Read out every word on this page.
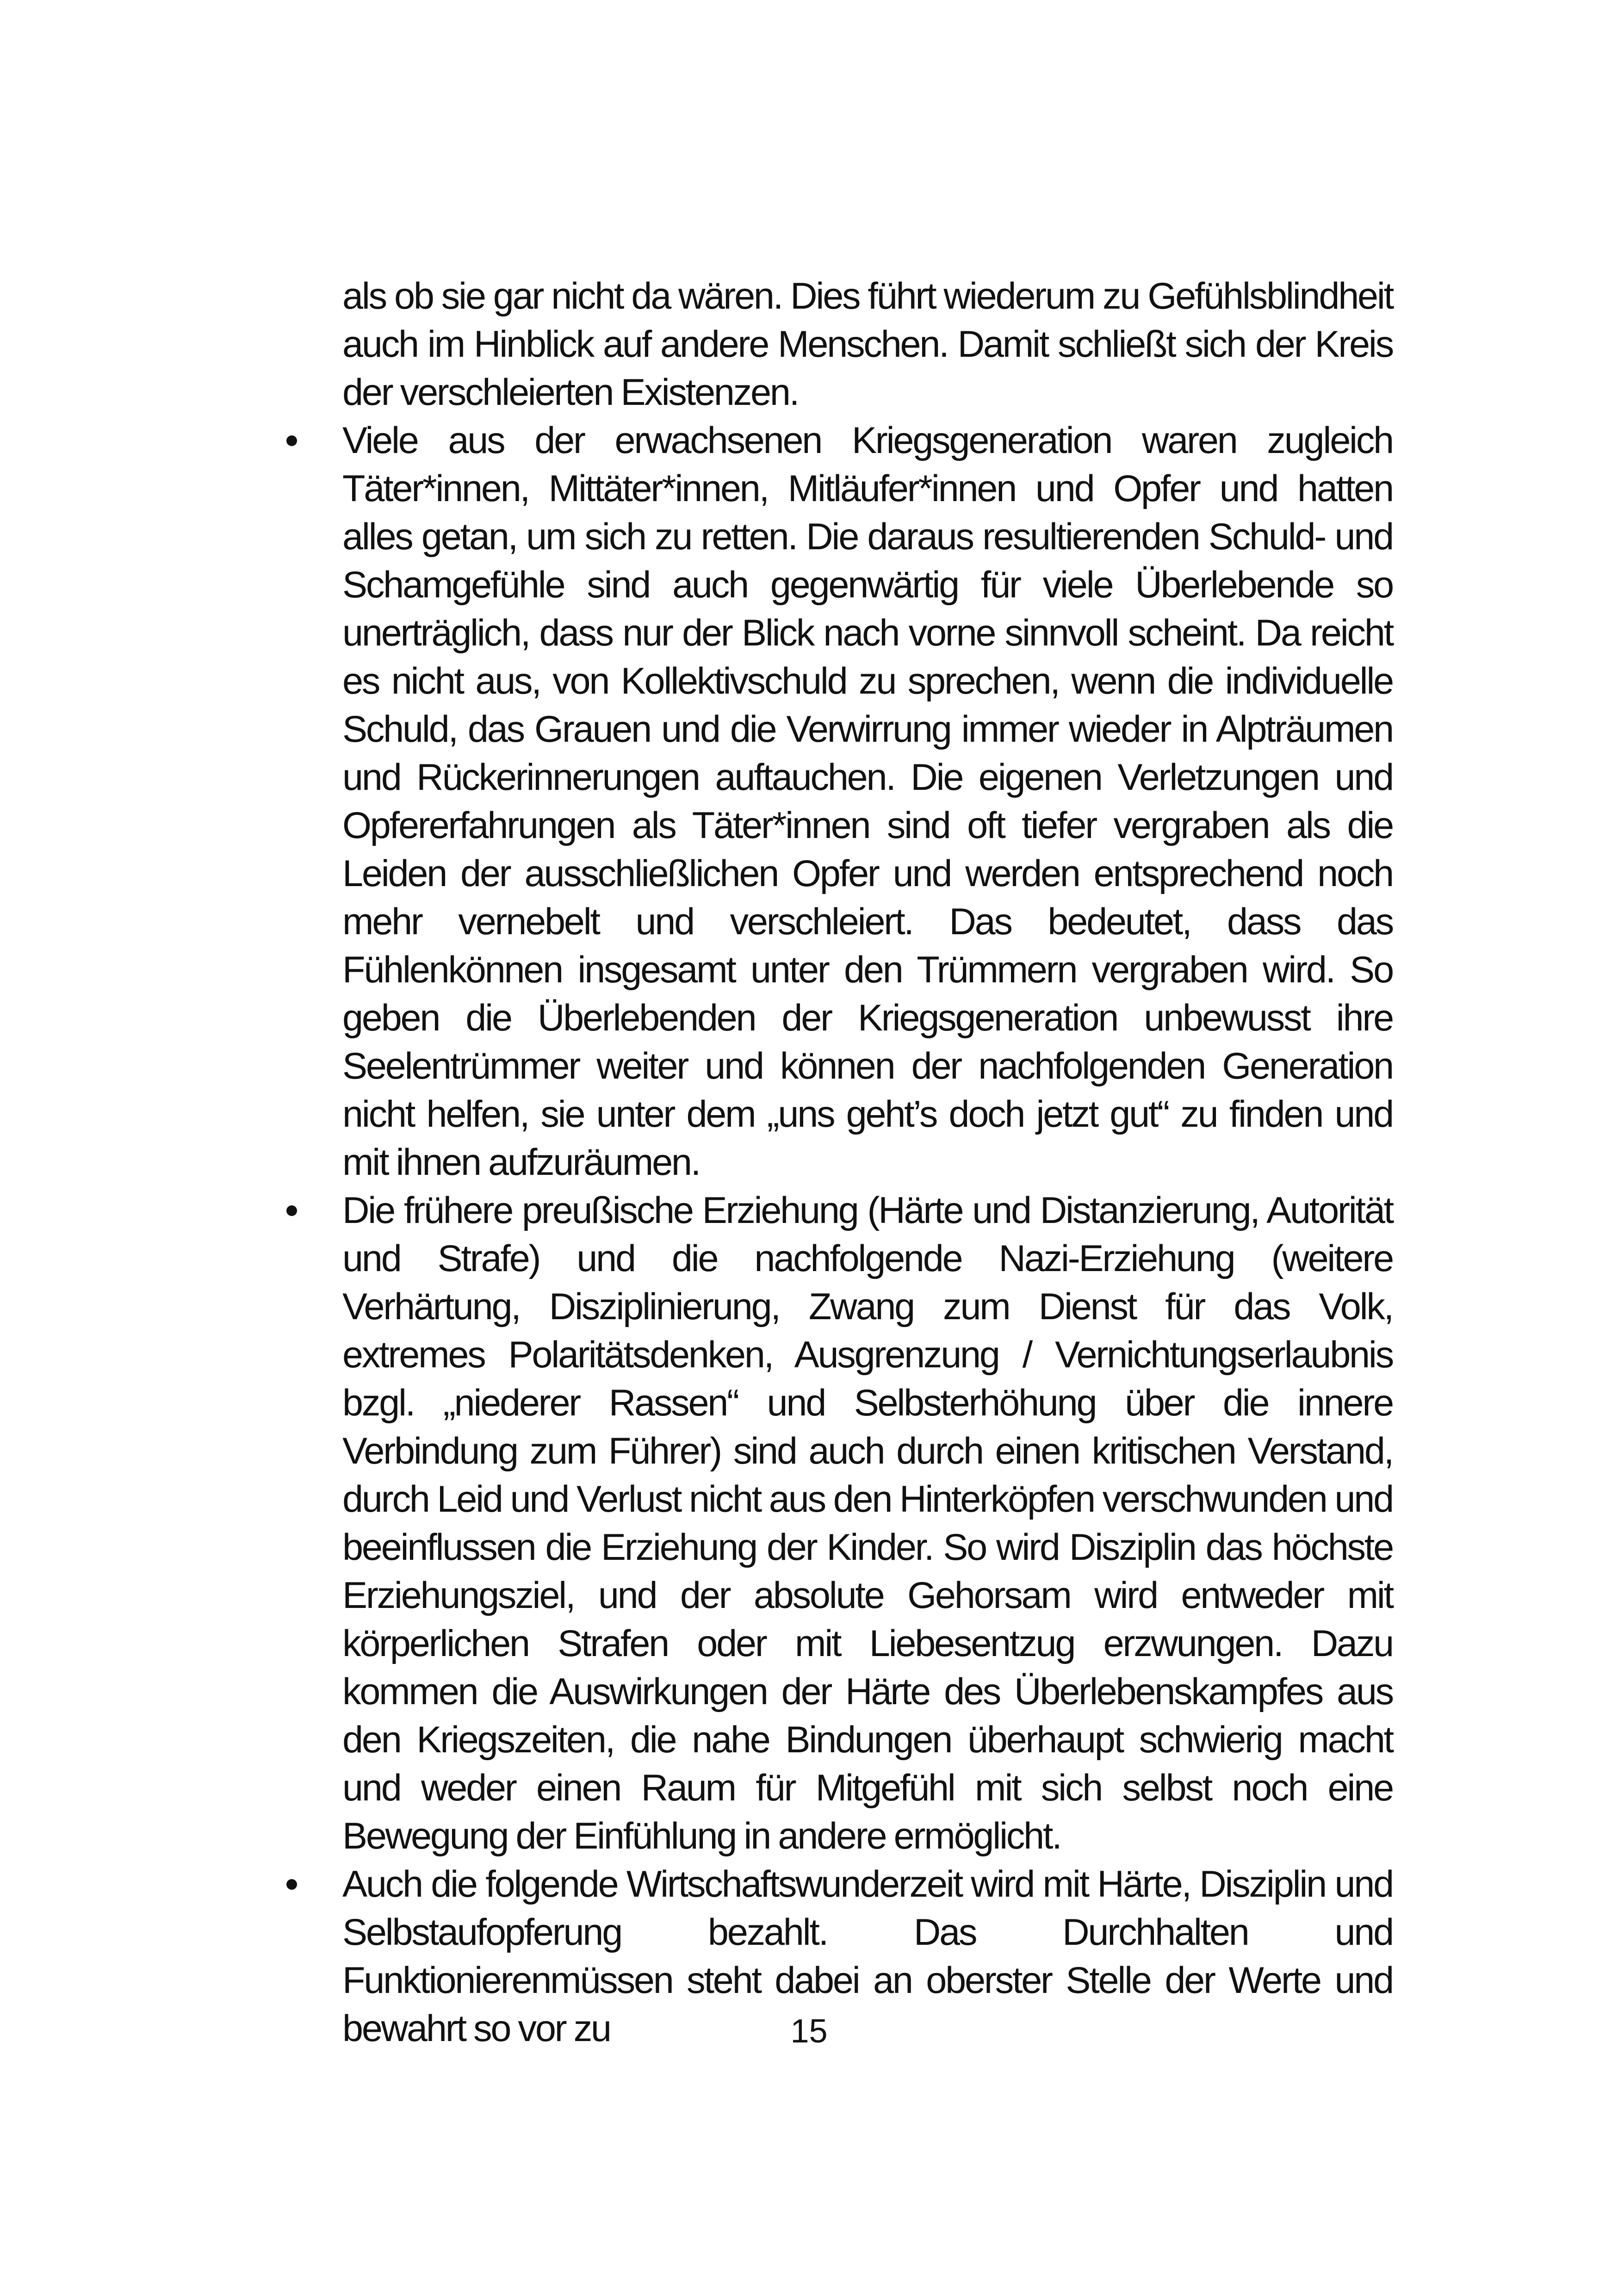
als ob sie gar nicht da wären. Dies führt wiederum zu Gefühlsblindheit auch im Hinblick auf andere Menschen. Damit schließt sich der Kreis der verschleierten Existenzen.

Viele aus der erwachsenen Kriegsgeneration waren zugleich Täter*innen, Mittäter*innen, Mitläufer*innen und Opfer und hatten alles getan, um sich zu retten. Die daraus resultierenden Schuld- und Schamgefühle sind auch gegenwärtig für viele Überlebende so unerträglich, dass nur der Blick nach vorne sinnvoll scheint. Da reicht es nicht aus, von Kollektivschuld zu sprechen, wenn die individuelle Schuld, das Grauen und die Verwirrung immer wieder in Alpträumen und Rückerinnerungen auftauchen. Die eigenen Verletzungen und Opfererfahrungen als Täter*innen sind oft tiefer vergraben als die Leiden der ausschließlichen Opfer und werden entsprechend noch mehr vernebelt und verschleiert. Das bedeutet, dass das Fühlenkönnen insgesamt unter den Trümmern vergraben wird. So geben die Überlebenden der Kriegsgeneration unbewusst ihre Seelentrümmer weiter und können der nachfolgenden Generation nicht helfen, sie unter dem „uns geht’s doch jetzt gut“ zu finden und mit ihnen aufzuräumen.
Die frühere preußische Erziehung (Härte und Distanzierung, Autorität und Strafe) und die nachfolgende Nazi-Erziehung (weitere Verhärtung, Disziplinierung, Zwang zum Dienst für das Volk, extremes Polaritätsdenken, Ausgrenzung / Vernichtungserlaubnis bzgl. „niederer Rassen“ und Selbsterhöhung über die innere Verbindung zum Führer) sind auch durch einen kritischen Verstand, durch Leid und Verlust nicht aus den Hinterköpfen verschwunden und beeinflussen die Erziehung der Kinder. So wird Disziplin das höchste Erziehungsziel, und der absolute Gehorsam wird entweder mit körperlichen Strafen oder mit Liebesentzug erzwungen. Dazu kommen die Auswirkungen der Härte des Überlebenskampfes aus den Kriegszeiten, die nahe Bindungen überhaupt schwierig macht und weder einen Raum für Mitgefühl mit sich selbst noch eine Bewegung der Einfühlung in andere ermöglicht.
Auch die folgende Wirtschaftswunderzeit wird mit Härte, Disziplin und Selbstaufopferung bezahlt. Das Durchhalten und Funktionierenmüssen steht dabei an oberster Stelle der Werte und bewahrt so vor zu	15
